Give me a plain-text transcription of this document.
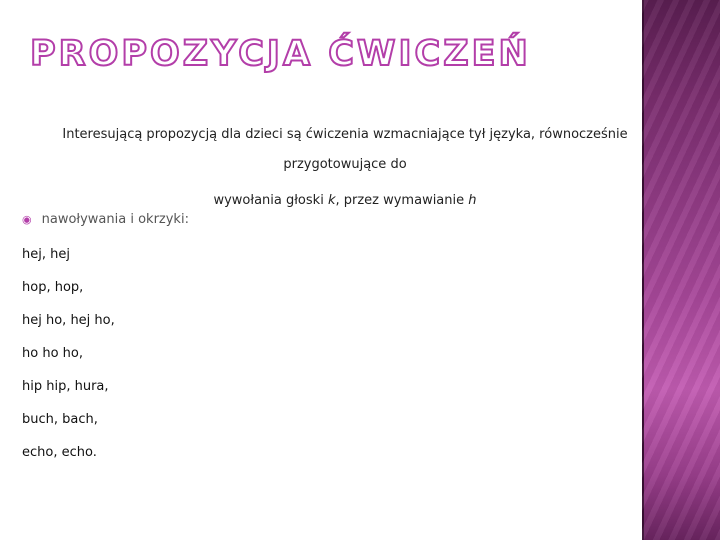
PROPOZYCJA ĆWICZEŃ

Interesującą propozycją dla dzieci są ćwiczenia wzmacniające tył języka, równocześnie
przygotowujące do
wywołania głoski k, przez wymawianie h

◉ nawoływania i okrzyki:
hej, hej
hop, hop,
hej ho, hej ho,
ho ho ho,
hip hip, hura,
buch, bach,
echo, echo.
